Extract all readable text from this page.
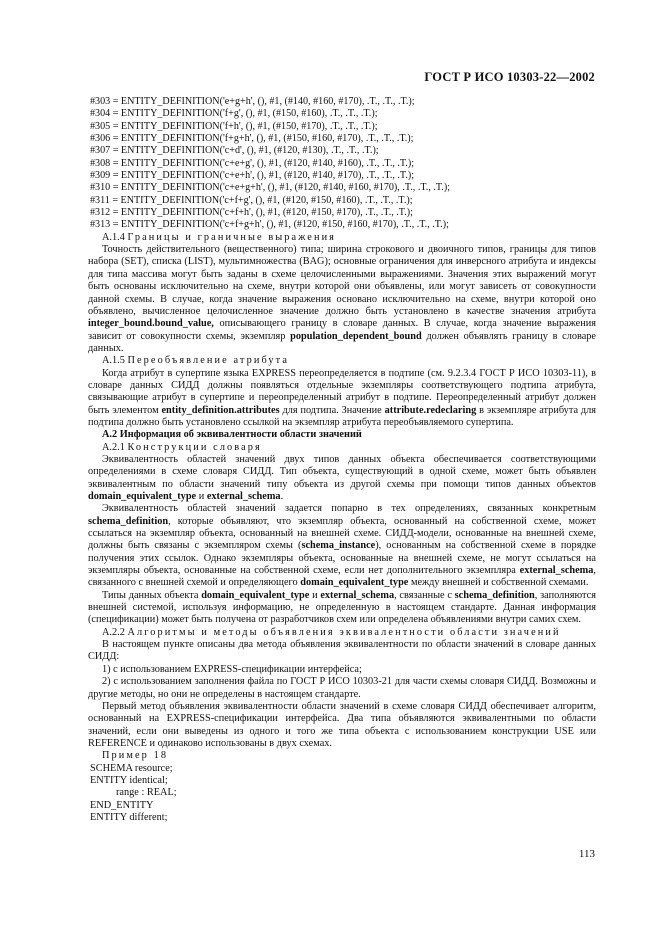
ГОСТ Р ИСО 10303-22—2002

#303 = ENTITY_DEFINITION('e+g+h', (), #1, (#140, #160, #170), .T., .T., .T.);

#304 = ENTITY_DEFINITION('f+g', (), #1, (#150, #160), .T., .T., .T.);

#305 = ENTITY_DEFINITION('f+h', (), #1, (#150, #170), .T., .T., .T.);

#306 = ENTITY_DEFINITION('f+g+h', (), #1, (#150, #160, #170), .T., .T., .T.);

#307 = ENTITY_DEFINITION('c+d', (), #1, (#120, #130), .T., .T., .T.);

#308 = ENTITY_DEFINITION('c+e+g', (), #1, (#120, #140, #160), .T., .T., .T.);

#309 = ENTITY_DEFINITION('c+e+h', (), #1, (#120, #140, #170), .T., .T., .T.);

#310 = ENTITY_DEFINITION('c+e+g+h', (), #1, (#120, #140, #160, #170), .T., .T., .T.);

#311 = ENTITY_DEFINITION('c+f+g', (), #1, (#120, #150, #160), .T., .T., .T.);

#312 = ENTITY_DEFINITION('c+f+h', (), #1, (#120, #150, #170), .T., .T., .T.);

#313 = ENTITY_DEFINITION('c+f+g+h', (), #1, (#120, #150, #160, #170), .T., .T., .T.);

A.1.4 Границы и граничные выражения

Точность действительного (вещественного) типа; ширина строкового и двоичного типов, границы для типов набора (SET), списка (LIST), мультимножества (BAG); основные ограничения для инверсного атрибута и индексы для типа массива могут быть заданы в схеме целочисленными выражениями. Значения этих выражений могут быть основаны исключительно на схеме, внутри которой они объявлены, или могут зависеть от совокупности данной схемы. В случае, когда значение выражения основано исключительно на схеме, внутри которой оно объявлено, вычисленное целочисленное значение должно быть установлено в качестве значения атрибута integer_bound.bound_value, описывающего границу в словаре данных. В случае, когда значение выражения зависит от совокупности схемы, экземпляр population_dependent_bound должен объявлять границу в словаре данных.

A.1.5 Переобъявление атрибута

Когда атрибут в супертипе языка EXPRESS переопределяется в подтипе (см. 9.2.3.4 ГОСТ Р ИСО 10303-11), в словаре данных СИДД должны появляться отдельные экземпляры соответствующего подтипа атрибута, связывающие атрибут в супертипе и переопределенный атрибут в подтипе. Переопределенный атрибут должен быть элементом entity_definition.attributes для подтипа. Значение attribute.redeclaring в экземпляре атрибута для подтипа должно быть установлено ссылкой на экземпляр атрибута переобъявляемого супертипа.

A.2 Информация об эквивалентности области значений

A.2.1 Конструкции словаря

Эквивалентность областей значений двух типов данных объекта обеспечивается соответствующими определениями в схеме словаря СИДД. Тип объекта, существующий в одной схеме, может быть объявлен эквивалентным по области значений типу объекта из другой схемы при помощи типов данных объектов domain_equivalent_type и external_schema.

Эквивалентность областей значений задается попарно в тех определениях, связанных конкретным schema_definition, которые объявляют, что экземпляр объекта, основанный на собственной схеме, может ссылаться на экземпляр объекта, основанный на внешней схеме. СИДД-модели, основанные на внешней схеме, должны быть связаны с экземпляром схемы (schema_instance), основанным на собственной схеме в порядке получения этих ссылок. Однако экземпляры объекта, основанные на внешней схеме, не могут ссылаться на экземпляры объекта, основанные на собственной схеме, если нет дополнительного экземпляра external_schema, связанного с внешней схемой и определяющего domain_equivalent_type между внешней и собственной схемами.

Типы данных объекта domain_equivalent_type и external_schema, связанные с schema_definition, заполняются внешней системой, используя информацию, не определенную в настоящем стандарте. Данная информация (спецификации) может быть получена от разработчиков схем или определена объявлениями внутри самих схем.

A.2.2 Алгоритмы и методы объявления эквивалентности области значений

В настоящем пункте описаны два метода объявления эквивалентности по области значений в словаре данных СИДД:

1) с использованием EXPRESS-спецификации интерфейса;

2) с использованием заполнения файла по ГОСТ Р ИСО 10303-21 для части схемы словаря СИДД. Возможны и другие методы, но они не определены в настоящем стандарте.

Первый метод объявления эквивалентности области значений в схеме словаря СИДД обеспечивает алгоритм, основанный на EXPRESS-спецификации интерфейса. Два типа объявляются эквивалентными по области значений, если они выведены из одного и того же типа объекта с использованием конструкции USE или REFERENCE и одинаково использованы в двух схемах.

Пример 18

SCHEMA resource;

ENTITY identical;

range : REAL;

END_ENTITY

ENTITY different;

113
